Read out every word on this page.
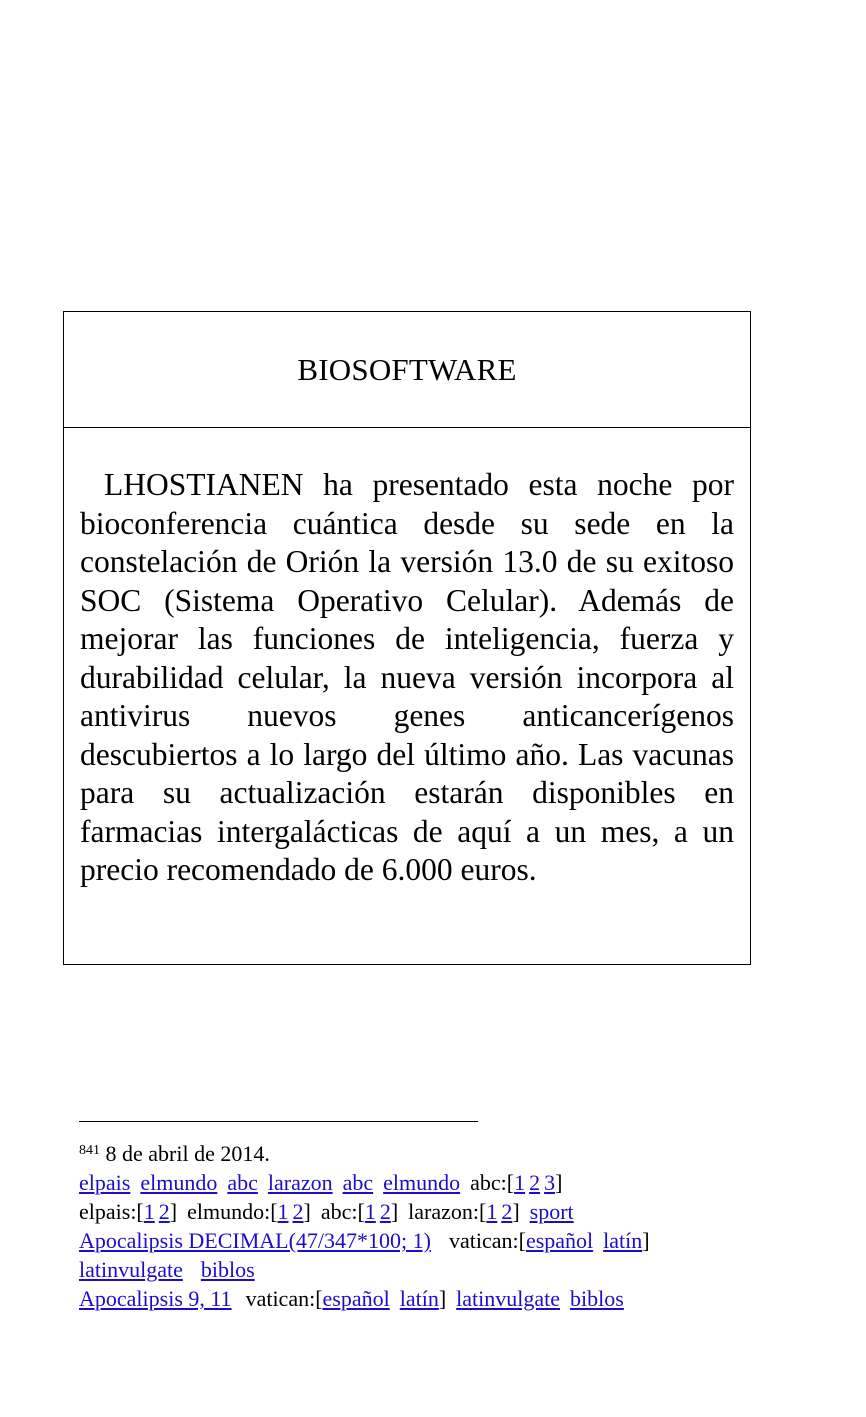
BIOSOFTWARE

LHOSTIANEN ha presentado esta noche por bioconferencia cuántica desde su sede en la constelación de Orión la versión 13.0 de su exitoso SOC (Sistema Operativo Celular). Además de mejorar las funciones de inteligencia, fuerza y durabilidad celular, la nueva versión incorpora al antivirus nuevos genes anticancerígenos descubiertos a lo largo del último año. Las vacunas para su actualización estarán disponibles en farmacias intergalácticas de aquí a un mes, a un precio recomendado de 6.000 euros.

$^{841}$ 8 de abril de 2014.
elpais elmundo abc larazon abc elmundo abc:[1 2 3]
elpais:[1 2] elmundo:[1 2] abc:[1 2] larazon:[1 2] sport
Apocalipsis DECIMAL(47/347*100; 1) vatican:[español latín]
latinvulgate biblos
Apocalipsis 9, 11 vatican:[español latín] latinvulgate biblos
